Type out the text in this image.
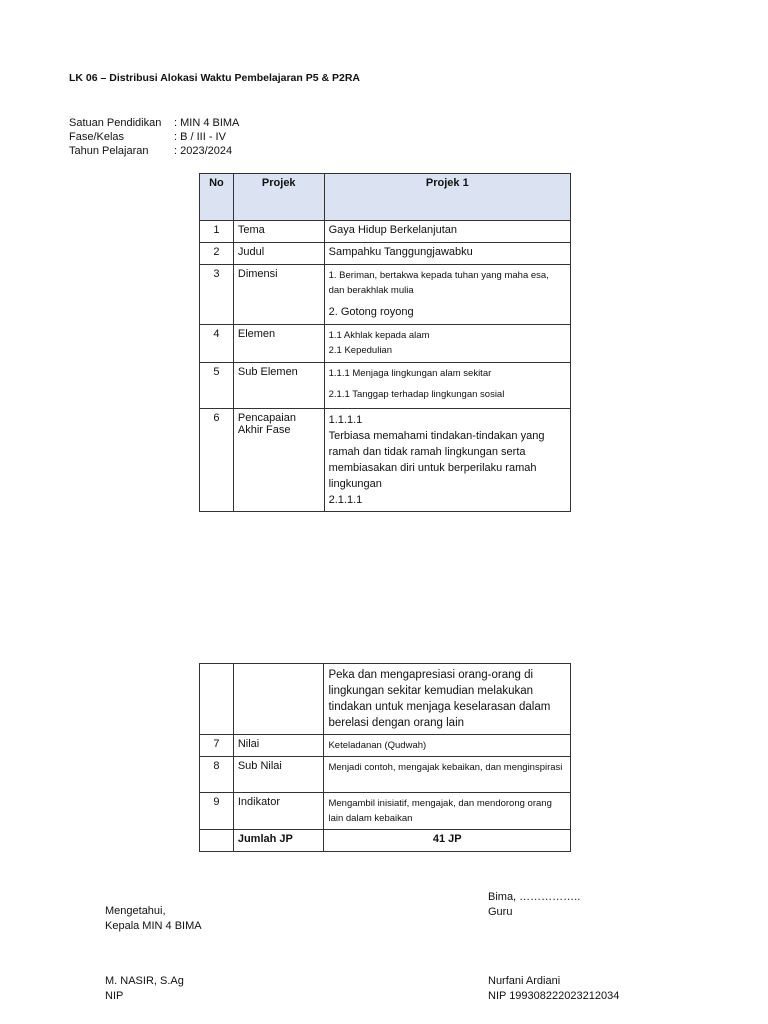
LK 06 – Distribusi Alokasi Waktu Pembelajaran P5 & P2RA
Satuan Pendidikan	: MIN 4 BIMA
Fase/Kelas	: B / III - IV
Tahun Pelajaran	: 2023/2024
No	Projek	Projek 1
1	Tema	Gaya Hidup Berkelanjutan
2	Judul	Sampahku Tanggungjawabku
3	Dimensi	1. Beriman, bertakwa kepada tuhan yang maha esa, dan berakhlak mulia
2. Gotong royong

4	Elemen	1.1 Akhlak kepada alam
2.1 Kepedulian

5	Sub Elemen	1.1.1 Menjaga lingkungan alam sekitar
2.1.1 Tanggap terhadap lingkungan sosial

6	Pencapaian Akhir Fase	1.1.1.1
Terbiasa memahami tindakan-tindakan yang ramah dan tidak ramah lingkungan serta membiasakan diri untuk berperilaku ramah lingkungan
2.1.1.1
		Peka dan mengapresiasi orang-orang di lingkungan sekitar kemudian melakukan tindakan untuk menjaga keselarasan dalam berelasi dengan orang lain
7	Nilai	Keteladanan (Qudwah)
8	Sub Nilai	Menjadi contoh, mengajak kebaikan, dan menginspirasi
9	Indikator	Mengambil inisiatif, mengajak, dan mendorong orang lain dalam kebaikan
	Jumlah JP	41 JP
Bima, ……………..
Guru
Mengetahui,
Kepala MIN 4 BIMA
M. NASIR, S.Ag
NIP
Nurfani Ardiani
NIP 199308222023212034
